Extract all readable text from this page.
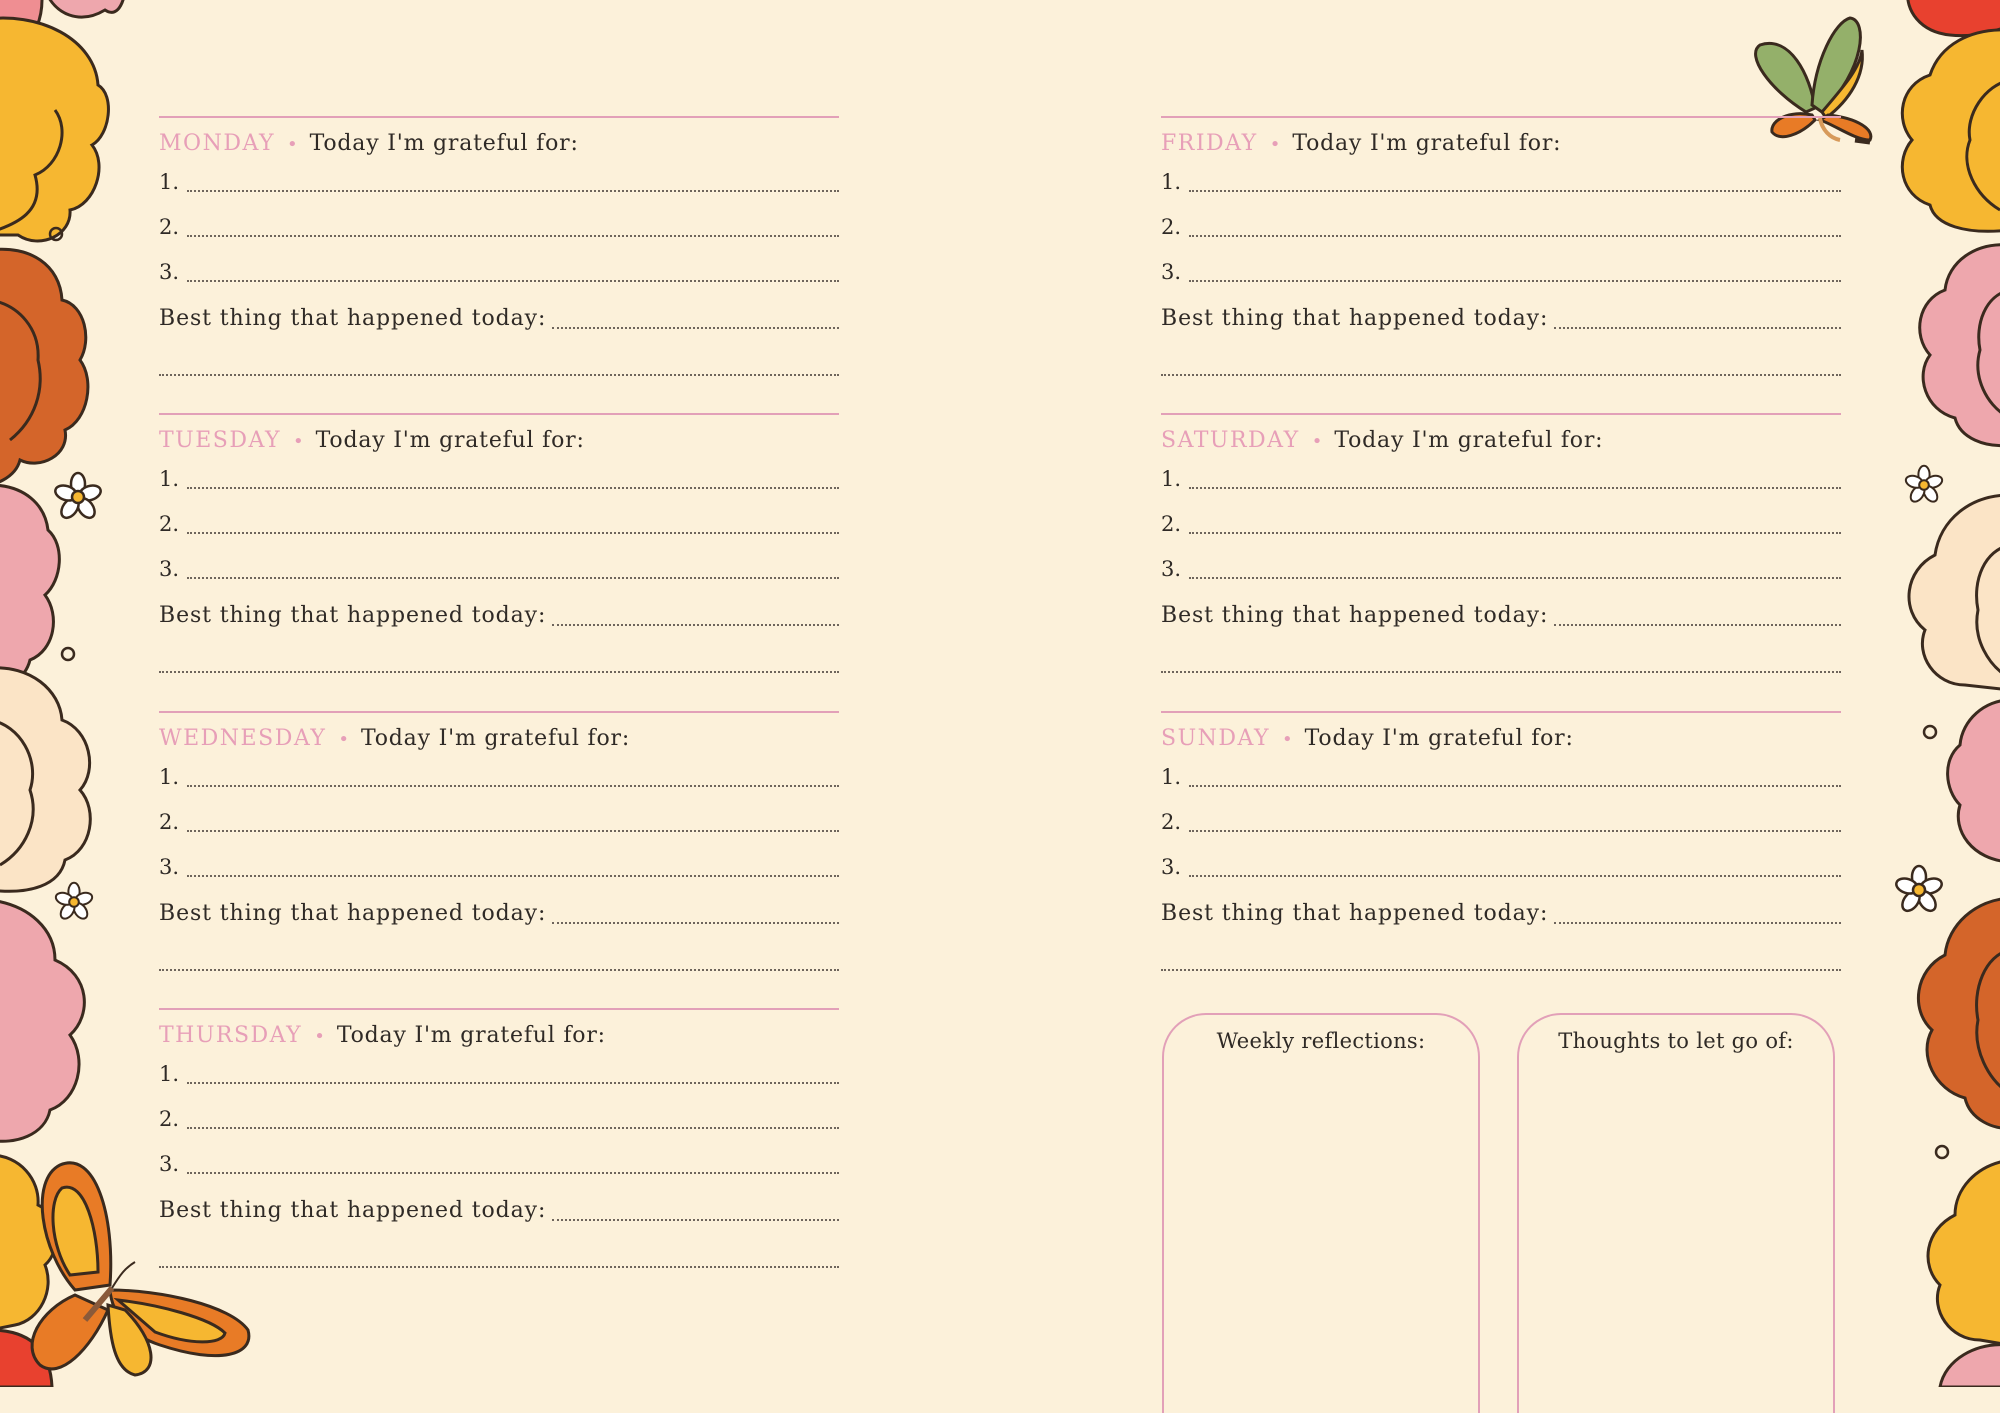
MONDAY • Today I'm grateful for:
1.
2.
3.
Best thing that happened today:
TUESDAY • Today I'm grateful for:
1.
2.
3.
Best thing that happened today:
WEDNESDAY • Today I'm grateful for:
1.
2.
3.
Best thing that happened today:
THURSDAY • Today I'm grateful for:
1.
2.
3.
Best thing that happened today:
FRIDAY • Today I'm grateful for:
1.
2.
3.
Best thing that happened today:
SATURDAY • Today I'm grateful for:
1.
2.
3.
Best thing that happened today:
SUNDAY • Today I'm grateful for:
1.
2.
3.
Best thing that happened today:
Weekly reflections:	Thoughts to let go of:
